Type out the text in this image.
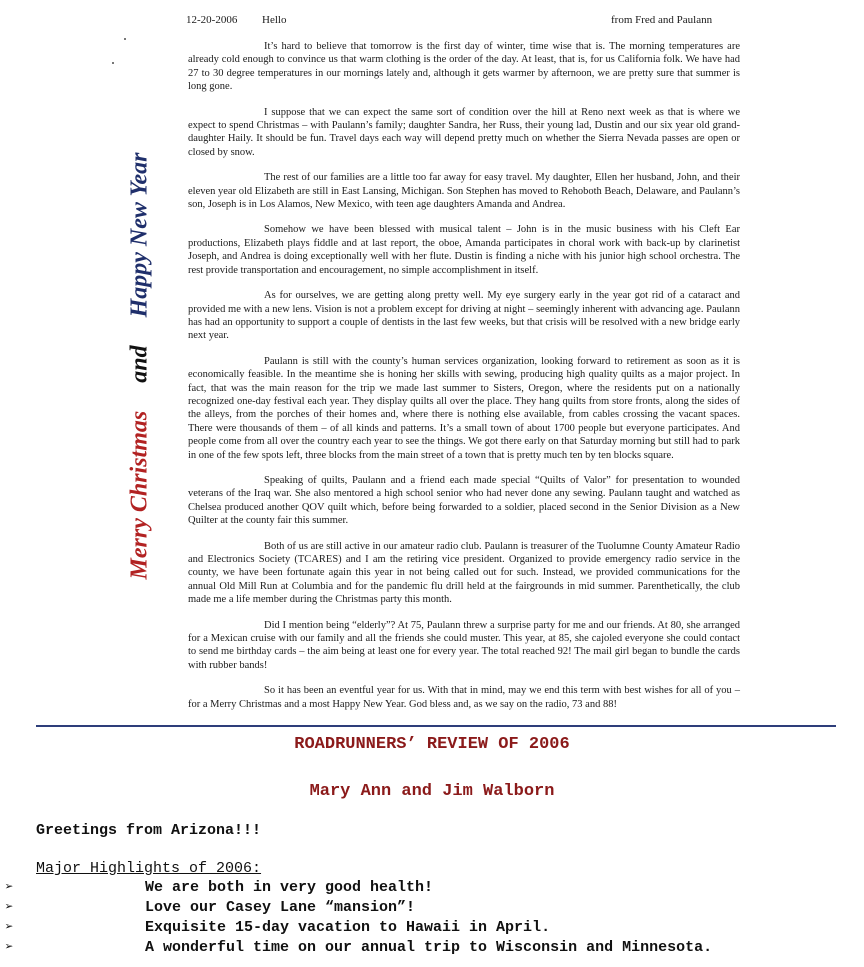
12-20-2006 Hello	from Fred and Paulann
Merry ChristmasandHappy New Year

It’s hard to believe that tomorrow is the first day of winter, time wise that is. The morning temperatures are already cold enough to convince us that warm clothing is the order of the day. At least, that is, for us California folk. We have had 27 to 30 degree temperatures in our mornings lately and, although it gets warmer by afternoon, we are pretty sure that summer is long gone.

I suppose that we can expect the same sort of condition over the hill at Reno next week as that is where we expect to spend Christmas – with Paulann’s family; daughter Sandra, her Russ, their young lad, Dustin and our six year old grand-daughter Haily. It should be fun. Travel days each way will depend pretty much on whether the Sierra Nevada passes are open or closed by snow.

The rest of our families are a little too far away for easy travel. My daughter, Ellen her husband, John, and their eleven year old Elizabeth are still in East Lansing, Michigan. Son Stephen has moved to Rehoboth Beach, Delaware, and Paulann’s son, Joseph is in Los Alamos, New Mexico, with teen age daughters Amanda and Andrea.

Somehow we have been blessed with musical talent – John is in the music business with his Cleft Ear productions, Elizabeth plays fiddle and at last report, the oboe, Amanda participates in choral work with back-up by clarinetist Joseph, and Andrea is doing exceptionally well with her flute. Dustin is finding a niche with his junior high school orchestra. The rest provide transportation and encouragement, no simple accomplishment in itself.

As for ourselves, we are getting along pretty well. My eye surgery early in the year got rid of a cataract and provided me with a new lens. Vision is not a problem except for driving at night – seemingly inherent with advancing age. Paulann has had an opportunity to support a couple of dentists in the last few weeks, but that crisis will be resolved with a new bridge early next year.

Paulann is still with the county’s human services organization, looking forward to retirement as soon as it is economically feasible. In the meantime she is honing her skills with sewing, producing high quality quilts as a major project. In fact, that was the main reason for the trip we made last summer to Sisters, Oregon, where the residents put on a nationally recognized one-day festival each year. They display quilts all over the place. They hang quilts from store fronts, along the sides of the alleys, from the porches of their homes and, where there is nothing else available, from cables crossing the vacant spaces. There were thousands of them – of all kinds and patterns. It’s a small town of about 1700 people but everyone participates. And people come from all over the country each year to see the things. We got there early on that Saturday morning but still had to park in one of the few spots left, three blocks from the main street of a town that is pretty much ten by ten blocks square.

Speaking of quilts, Paulann and a friend each made special “Quilts of Valor” for presentation to wounded veterans of the Iraq war. She also mentored a high school senior who had never done any sewing. Paulann taught and watched as Chelsea produced another QOV quilt which, before being forwarded to a soldier, placed second in the Senior Division as a New Quilter at the county fair this summer.

Both of us are still active in our amateur radio club. Paulann is treasurer of the Tuolumne County Amateur Radio and Electronics Society (TCARES) and I am the retiring vice president. Organized to provide emergency radio service in the county, we have been fortunate again this year in not being called out for such. Instead, we provided communications for the annual Old Mill Run at Columbia and for the pandemic flu drill held at the fairgrounds in mid summer. Parenthetically, the club made me a life member during the Christmas party this month.

Did I mention being “elderly”? At 75, Paulann threw a surprise party for me and our friends. At 80, she arranged for a Mexican cruise with our family and all the friends she could muster. This year, at 85, she cajoled everyone she could contact to send me birthday cards – the aim being at least one for every year. The total reached 92! The mail girl began to bundle the cards with rubber bands!

So it has been an eventful year for us. With that in mind, may we end this term with best wishes for all of you – for a Merry Christmas and a most Happy New Year. God bless and, as we say on the radio, 73 and 88!

ROADRUNNERS’ REVIEW OF 2006
Mary Ann and Jim Walborn
Greetings from Arizona!!!
Major Highlights of 2006:
➢	We are both in very good health!
➢	Love our Casey Lane “mansion”!
➢	Exquisite 15-day vacation to Hawaii in April.
➢	A wonderful time on our annual trip to Wisconsin and Minnesota.
